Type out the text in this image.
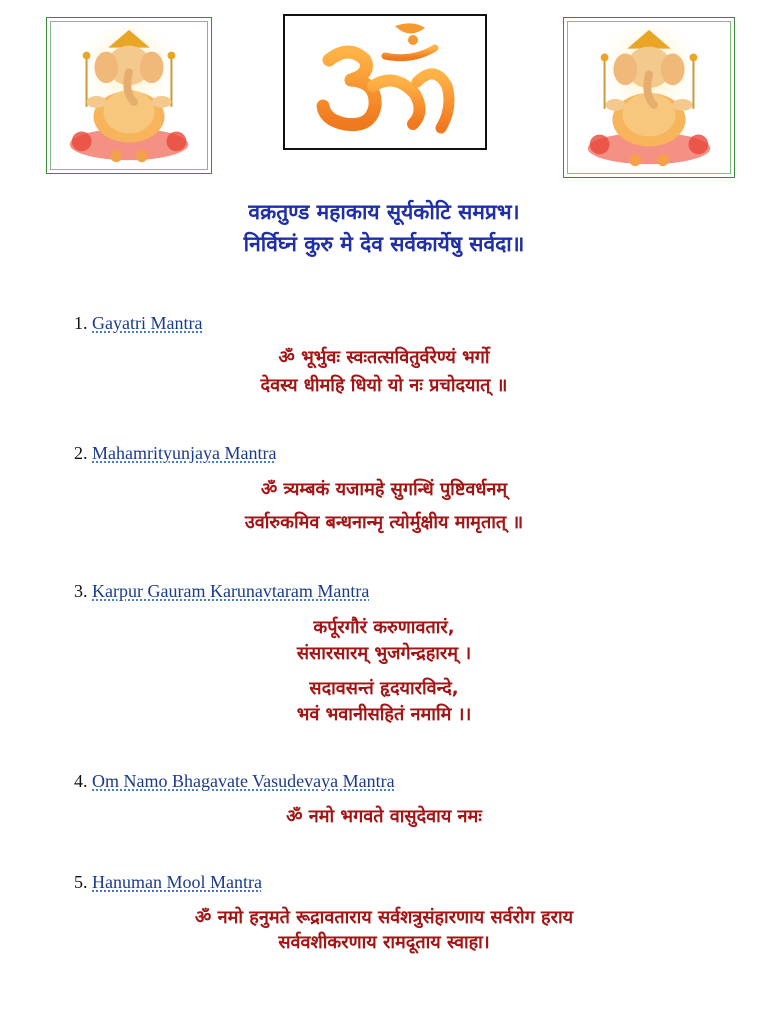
वक्रतुण्ड महाकाय सूर्यकोटि समप्रभ।
निर्विघ्नं कुरु मे देव सर्वकार्येषु सर्वदा॥
1. Gayatri Mantra
ॐ भूर्भुवः स्वःतत्सवितुर्वरेण्यं भर्गो
देवस्य धीमहि धियो यो नः प्रचोदयात् ॥
2. Mahamrityunjaya Mantra
ॐ त्र्यम्बकं यजामहे सुगन्धिं पुष्टिवर्धनम्
उर्वारुकमिव बन्धनान्मृ त्योर्मुक्षीय मामृतात् ॥
3. Karpur Gauram Karunavtaram Mantra
कर्पूरगौरं करुणावतारं,
संसारसारम् भुजगेन्द्रहारम् ।
सदावसन्तं हृदयारविन्दे,
भवं भवानीसहितं नमामि ।।
4. Om Namo Bhagavate Vasudevaya Mantra
ॐ नमो भगवते वासुदेवाय नमः
5. Hanuman Mool Mantra
ॐ नमो हनुमते रूद्रावताराय सर्वशत्रुसंहारणाय सर्वरोग हराय
सर्ववशीकरणाय रामदूताय स्वाहा।
